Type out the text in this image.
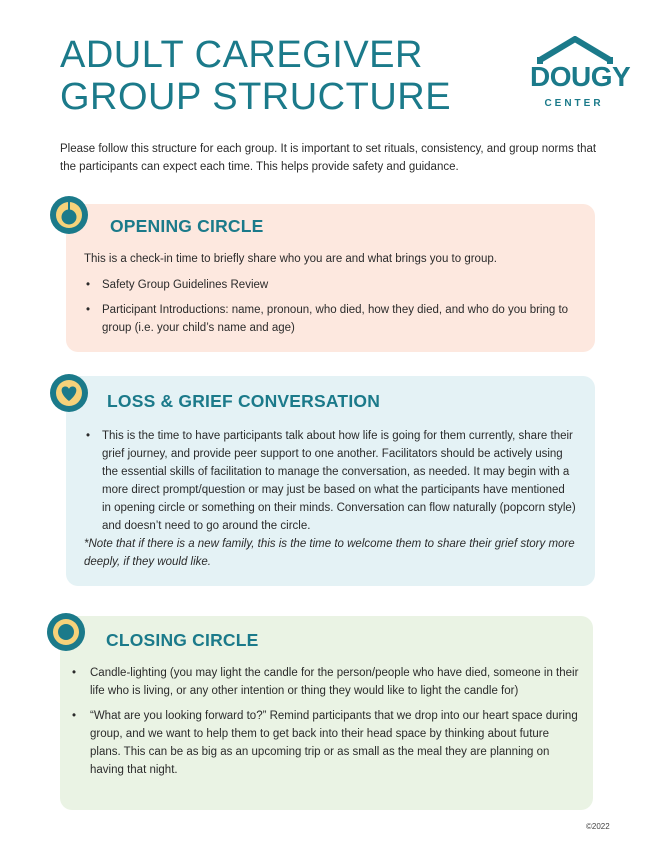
ADULT CAREGIVER
GROUP STRUCTURE	DOUGY
CENTER

Please follow this structure for each group. It is important to set rituals, consistency, and group norms that the participants can expect each time. This helps provide safety and guidance.

OPENING CIRCLE

This is a check-in time to briefly share who you are and what brings you to group.

• Safety Group Guidelines Review
• Participant Introductions: name, pronoun, who died, how they died, and who do you bring to group (i.e. your child’s name and age)
LOSS & GRIEF CONVERSATION
• This is the time to have participants talk about how life is going for them currently, share their grief journey, and provide peer support to one another. Facilitators should be actively using the essential skills of facilitation to manage the conversation, as needed. It may begin with a more direct prompt/question or may just be based on what the participants have mentioned in opening circle or something on their minds. Conversation can flow naturally (popcorn style) and doesn’t need to go around the circle.

*Note that if there is a new family, this is the time to welcome them to share their grief story more deeply, if they would like.

CLOSING CIRCLE
• Candle-lighting (you may light the candle for the person/people who have died, someone in their life who is living, or any other intention or thing they would like to light the candle for)
• “What are you looking forward to?” Remind participants that we drop into our heart space during group, and we want to help them to get back into their head space by thinking about future plans. This can be as big as an upcoming trip or as small as the meal they are planning on having that night.
©2022
